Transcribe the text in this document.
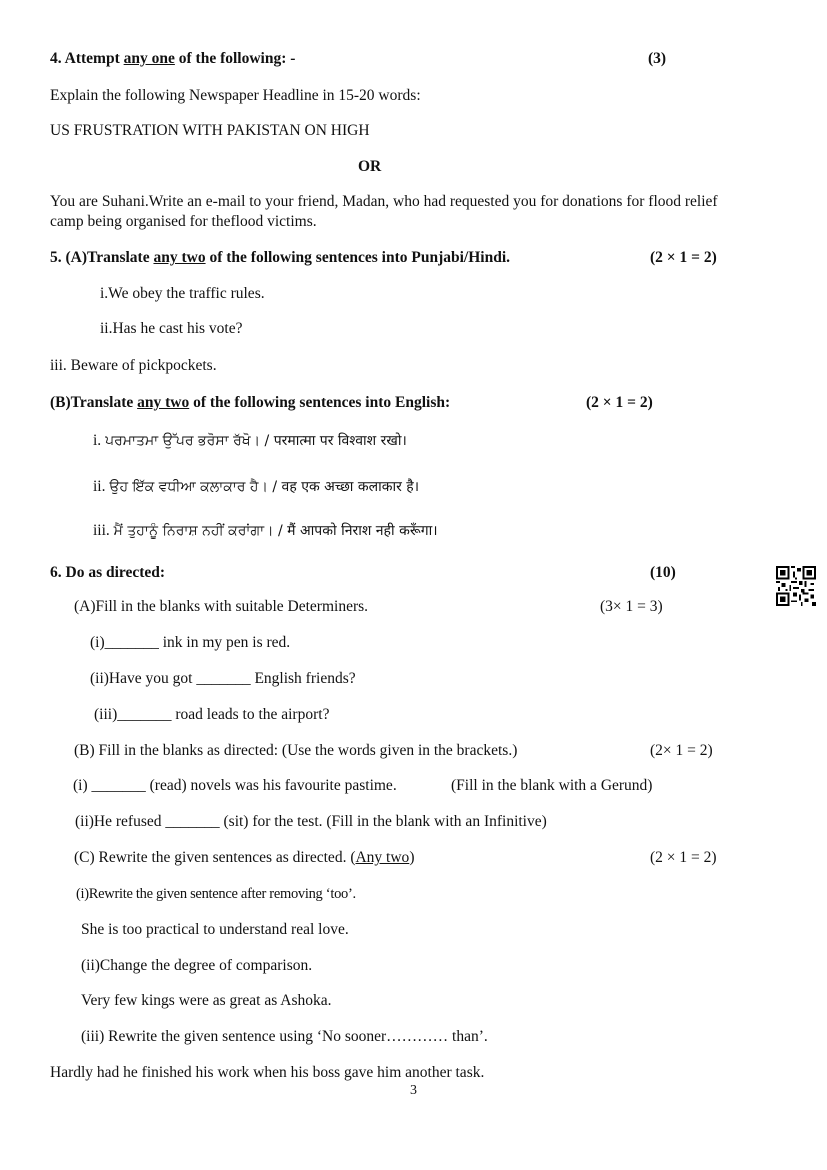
4. Attempt any one of the following: -	(3)
Explain the following Newspaper Headline in 15-20 words:
US FRUSTRATION WITH PAKISTAN ON HIGH
OR
You are Suhani.Write an e-mail to your friend, Madan, who had requested you for donations for flood relief
camp being organised for theflood victims.
5. (A)Translate any two of the following sentences into Punjabi/Hindi.	(2 × 1 = 2)
i.We obey the traffic rules.
ii.Has he cast his vote?
iii. Beware of pickpockets.
(B)Translate any two of the following sentences into English:	(2 × 1 = 2)
i. ਪਰਮਾਤਮਾ ਉੱਪਰ ਭਰੋਸਾ ਰੱਖੋ। / परमात्मा पर विश्वाश रखो।
ii. ਉਹ ਇੱਕ ਵਧੀਆ ਕਲਾਕਾਰ ਹੈ। / वह एक अच्छा कलाकार है।
iii. ਮੈਂ ਤੁਹਾਨੂੰ ਨਿਰਾਸ਼ ਨਹੀਂ ਕਰਾਂਗਾ। / मैं आपको निराश नही करूँगा।
6. Do as directed:	(10)
(A)Fill in the blanks with suitable Determiners.	(3× 1 = 3)
(i)_______ ink in my pen is red.
(ii)Have you got _______ English friends?
(iii)_______ road leads to the airport?
(B) Fill in the blanks as directed: (Use the words given in the brackets.)	(2× 1 = 2)
(i) _______ (read) novels was his favourite pastime.	(Fill in the blank with a Gerund)
(ii)He refused _______ (sit) for the test. (Fill in the blank with an Infinitive)
(C) Rewrite the given sentences as directed. (Any two)	(2 × 1 = 2)
(i)Rewrite the given sentence after removing ‘too’.
She is too practical to understand real love.
(ii)Change the degree of comparison.
Very few kings were as great as Ashoka.
(iii) Rewrite the given sentence using ‘No sooner………… than’.
Hardly had he finished his work when his boss gave him another task.
3
